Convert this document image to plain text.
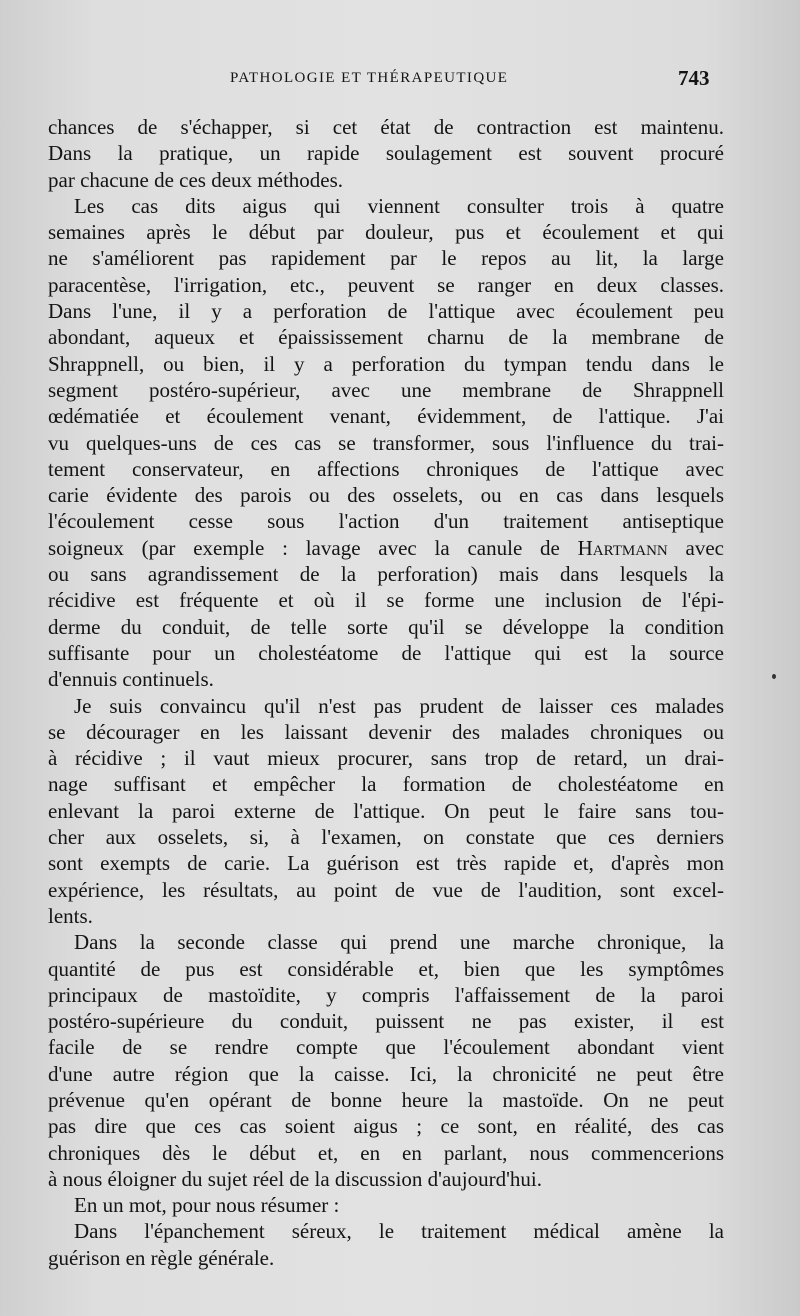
PATHOLOGIE ET THÉRAPEUTIQUE	743
chances de s'échapper, si cet état de contraction est maintenu.
Dans la pratique, un rapide soulagement est souvent procuré
par chacune de ces deux méthodes.
Les cas dits aigus qui viennent consulter trois à quatre
semaines après le début par douleur, pus et écoulement et qui
ne s'améliorent pas rapidement par le repos au lit, la large
paracentèse, l'irrigation, etc., peuvent se ranger en deux classes.
Dans l'une, il y a perforation de l'attique avec écoulement peu
abondant, aqueux et épaississement charnu de la membrane de
Shrappnell, ou bien, il y a perforation du tympan tendu dans le
segment postéro-supérieur, avec une membrane de Shrappnell
œdématiée et écoulement venant, évidemment, de l'attique. J'ai
vu quelques-uns de ces cas se transformer, sous l'influence du trai-
tement conservateur, en affections chroniques de l'attique avec
carie évidente des parois ou des osselets, ou en cas dans lesquels
l'écoulement cesse sous l'action d'un traitement antiseptique
soigneux (par exemple : lavage avec la canule de Hartmann avec
ou sans agrandissement de la perforation) mais dans lesquels la
récidive est fréquente et où il se forme une inclusion de l'épi-
derme du conduit, de telle sorte qu'il se développe la condition
suffisante pour un cholestéatome de l'attique qui est la source
d'ennuis continuels.
Je suis convaincu qu'il n'est pas prudent de laisser ces malades
se décourager en les laissant devenir des malades chroniques ou
à récidive ; il vaut mieux procurer, sans trop de retard, un drai-
nage suffisant et empêcher la formation de cholestéatome en
enlevant la paroi externe de l'attique. On peut le faire sans tou-
cher aux osselets, si, à l'examen, on constate que ces derniers
sont exempts de carie. La guérison est très rapide et, d'après mon
expérience, les résultats, au point de vue de l'audition, sont excel-
lents.
Dans la seconde classe qui prend une marche chronique, la
quantité de pus est considérable et, bien que les symptômes
principaux de mastoïdite, y compris l'affaissement de la paroi
postéro-supérieure du conduit, puissent ne pas exister, il est
facile de se rendre compte que l'écoulement abondant vient
d'une autre région que la caisse. Ici, la chronicité ne peut être
prévenue qu'en opérant de bonne heure la mastoïde. On ne peut
pas dire que ces cas soient aigus ; ce sont, en réalité, des cas
chroniques dès le début et, en en parlant, nous commencerions
à nous éloigner du sujet réel de la discussion d'aujourd'hui.
En un mot, pour nous résumer :
Dans l'épanchement séreux, le traitement médical amène la
guérison en règle générale.
